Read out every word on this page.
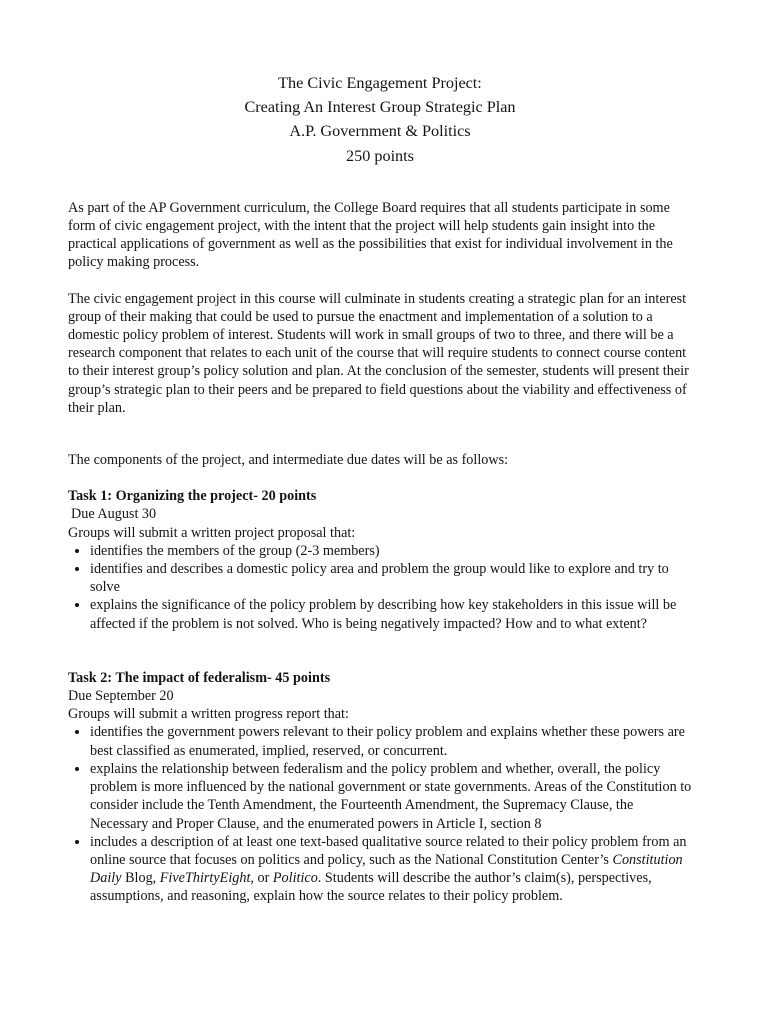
The Civic Engagement Project:
Creating An Interest Group Strategic Plan
A.P. Government & Politics
250 points

As part of the AP Government curriculum, the College Board requires that all students participate in some form of civic engagement project, with the intent that the project will help students gain insight into the practical applications of government as well as the possibilities that exist for individual involvement in the policy making process.

The civic engagement project in this course will culminate in students creating a strategic plan for an interest group of their making that could be used to pursue the enactment and implementation of a solution to a domestic policy problem of interest. Students will work in small groups of two to three, and there will be a research component that relates to each unit of the course that will require students to connect course content to their interest group’s policy solution and plan. At the conclusion of the semester, students will present their group’s strategic plan to their peers and be prepared to field questions about the viability and effectiveness of their plan.

The components of the project, and intermediate due dates will be as follows:

Task 1: Organizing the project- 20 points
Due August 30
Groups will submit a written project proposal that:
• identifies the members of the group (2-3 members)
• identifies and describes a domestic policy area and problem the group would like to explore and try to solve
• explains the significance of the policy problem by describing how key stakeholders in this issue will be affected if the problem is not solved. Who is being negatively impacted? How and to what extent?
Task 2: The impact of federalism- 45 points
Due September 20
Groups will submit a written progress report that:
• identifies the government powers relevant to their policy problem and explains whether these powers are best classified as enumerated, implied, reserved, or concurrent.
• explains the relationship between federalism and the policy problem and whether, overall, the policy problem is more influenced by the national government or state governments. Areas of the Constitution to consider include the Tenth Amendment, the Fourteenth Amendment, the Supremacy Clause, the Necessary and Proper Clause, and the enumerated powers in Article I, section 8
• includes a description of at least one text-based qualitative source related to their policy problem from an online source that focuses on politics and policy, such as the National Constitution Center’s Constitution Daily Blog, FiveThirtyEight, or Politico. Students will describe the author’s claim(s), perspectives, assumptions, and reasoning, explain how the source relates to their policy problem.
